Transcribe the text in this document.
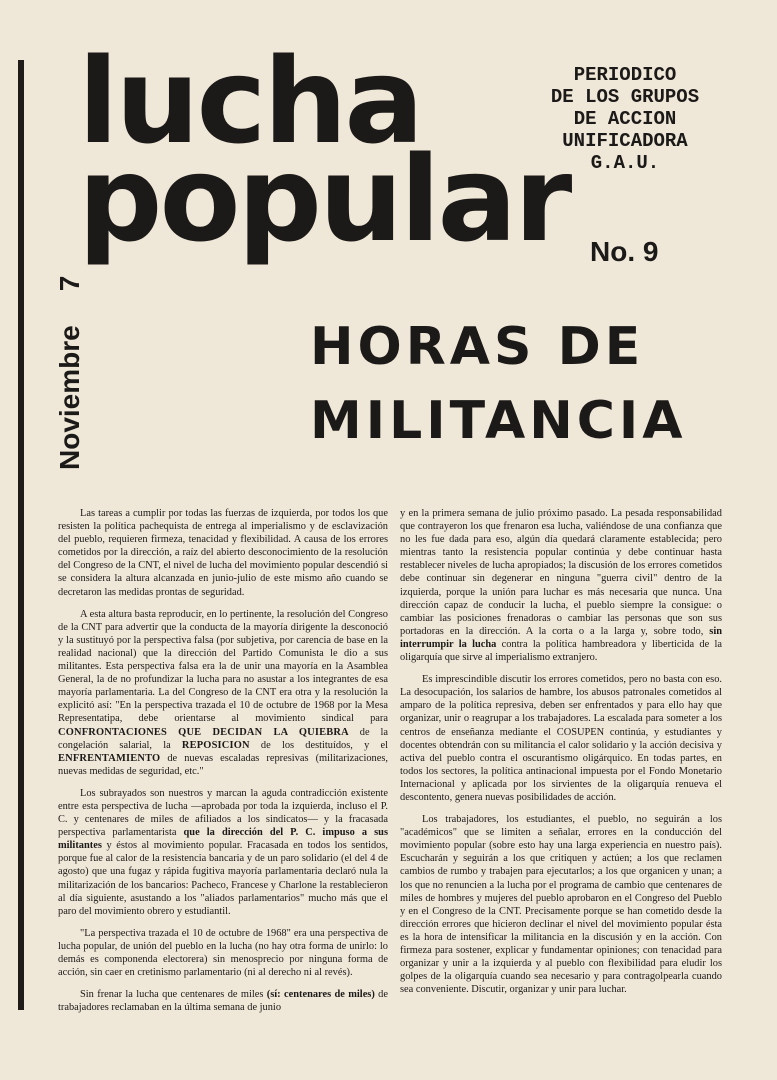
lucha
popular
PERIODICO
DE LOS GRUPOS
DE ACCION
UNIFICADORA
G.A.U.
No. 9
Noviembre7
HORAS DE
MILITANCIA

Las tareas a cumplir por todas las fuerzas de izquierda, por todos los que resisten la política pachequista de entrega al imperialismo y de esclavización del pueblo, requieren firmeza, tenacidad y flexibilidad. A causa de los errores cometidos por la dirección, a raíz del abierto desconocimiento de la resolución del Congreso de la CNT, el nivel de lucha del movimiento popular descendió si se considera la altura alcanzada en junio-julio de este mismo año cuando se decretaron las medidas prontas de seguridad.

A esta altura basta reproducir, en lo pertinente, la resolución del Congreso de la CNT para advertir que la conducta de la mayoría dirigente la desconoció y la sustituyó por la perspectiva falsa (por subjetiva, por carencia de base en la realidad nacional) que la dirección del Partido Comunista le dio a sus militantes. Esta perspectiva falsa era la de unir una mayoría en la Asamblea General, la de no profundizar la lucha para no asustar a los integrantes de esa mayoría parlamentaria. La del Congreso de la CNT era otra y la resolución la explicitó así: "En la perspectiva trazada el 10 de octubre de 1968 por la Mesa Representatipa, debe orientarse al movimiento sindical para CONFRONTACIONES QUE DECIDAN LA QUIEBRA de la congelación salarial, la REPOSICION de los destituídos, y el ENFRENTAMIENTO de nuevas escaladas represivas (militarizaciones, nuevas medidas de seguridad, etc."

Los subrayados son nuestros y marcan la aguda contradicción existente entre esta perspectiva de lucha —aprobada por toda la izquierda, incluso el P. C. y centenares de miles de afiliados a los sindicatos— y la fracasada perspectiva parlamentarista que la dirección del P. C. impuso a sus militantes y éstos al movimiento popular. Fracasada en todos los sentidos, porque fue al calor de la resistencia bancaria y de un paro solidario (el del 4 de agosto) que una fugaz y rápida fugitiva mayoría parlamentaria declaró nula la militarización de los bancarios: Pacheco, Francese y Charlone la restablecieron al día siguiente, asustando a los "aliados parlamentarios" mucho más que el paro del movimiento obrero y estudiantil.

"La perspectiva trazada el 10 de octubre de 1968" era una perspectiva de lucha popular, de unión del pueblo en la lucha (no hay otra forma de unirlo: lo demás es componenda electorera) sin menosprecio por ninguna forma de acción, sin caer en cretinismo parlamentario (ni al derecho ni al revés).

Sin frenar la lucha que centenares de miles (sí: centenares de miles) de trabajadores reclamaban en la última semana de junio

y en la primera semana de julio próximo pasado. La pesada responsabilidad que contrayeron los que frenaron esa lucha, valiéndose de una confianza que no les fue dada para eso, algún día quedará claramente establecida; pero mientras tanto la resistencia popular continúa y debe continuar hasta restablecer niveles de lucha apropiados; la discusión de los errores cometidos debe continuar sin degenerar en ninguna "guerra civil" dentro de la izquierda, porque la unión para luchar es más necesaria que nunca. Una dirección capaz de conducir la lucha, el pueblo siempre la consigue: o cambiar las posiciones frenadoras o cambiar las personas que son sus portadoras en la dirección. A la corta o a la larga y, sobre todo, sin interrumpir la lucha contra la política hambreadora y liberticida de la oligarquía que sirve al imperialismo extranjero.

Es imprescindible discutir los errores cometidos, pero no basta con eso. La desocupación, los salarios de hambre, los abusos patronales cometidos al amparo de la política represiva, deben ser enfrentados y para ello hay que organizar, unir o reagrupar a los trabajadores. La escalada para someter a los centros de enseñanza mediante el COSUPEN continúa, y estudiantes y docentes obtendrán con su militancia el calor solidario y la acción decisiva y activa del pueblo contra el oscurantismo oligárquico. En todas partes, en todos los sectores, la política antinacional impuesta por el Fondo Monetario Internacional y aplicada por los sirvientes de la oligarquía renueva el descontento, genera nuevas posibilidades de acción.

Los trabajadores, los estudiantes, el pueblo, no seguirán a los "académicos" que se limiten a señalar, errores en la conducción del movimiento popular (sobre esto hay una larga experiencia en nuestro país). Escucharán y seguirán a los que critiquen y actúen; a los que reclamen cambios de rumbo y trabajen para ejecutarlos; a los que organicen y unan; a los que no renuncien a la lucha por el programa de cambio que centenares de miles de hombres y mujeres del pueblo aprobaron en el Congreso del Pueblo y en el Congreso de la CNT. Precisamente porque se han cometido desde la dirección errores que hicieron declinar el nivel del movimiento popular ésta es la hora de intensificar la militancia en la discusión y en la acción. Con firmeza para sostener, explicar y fundamentar opiniones; con tenacidad para organizar y unir a la izquierda y al pueblo con flexibilidad para eludir los golpes de la oligarquía cuando sea necesario y para contragolpearla cuando sea conveniente. Discutir, organizar y unir para luchar.
